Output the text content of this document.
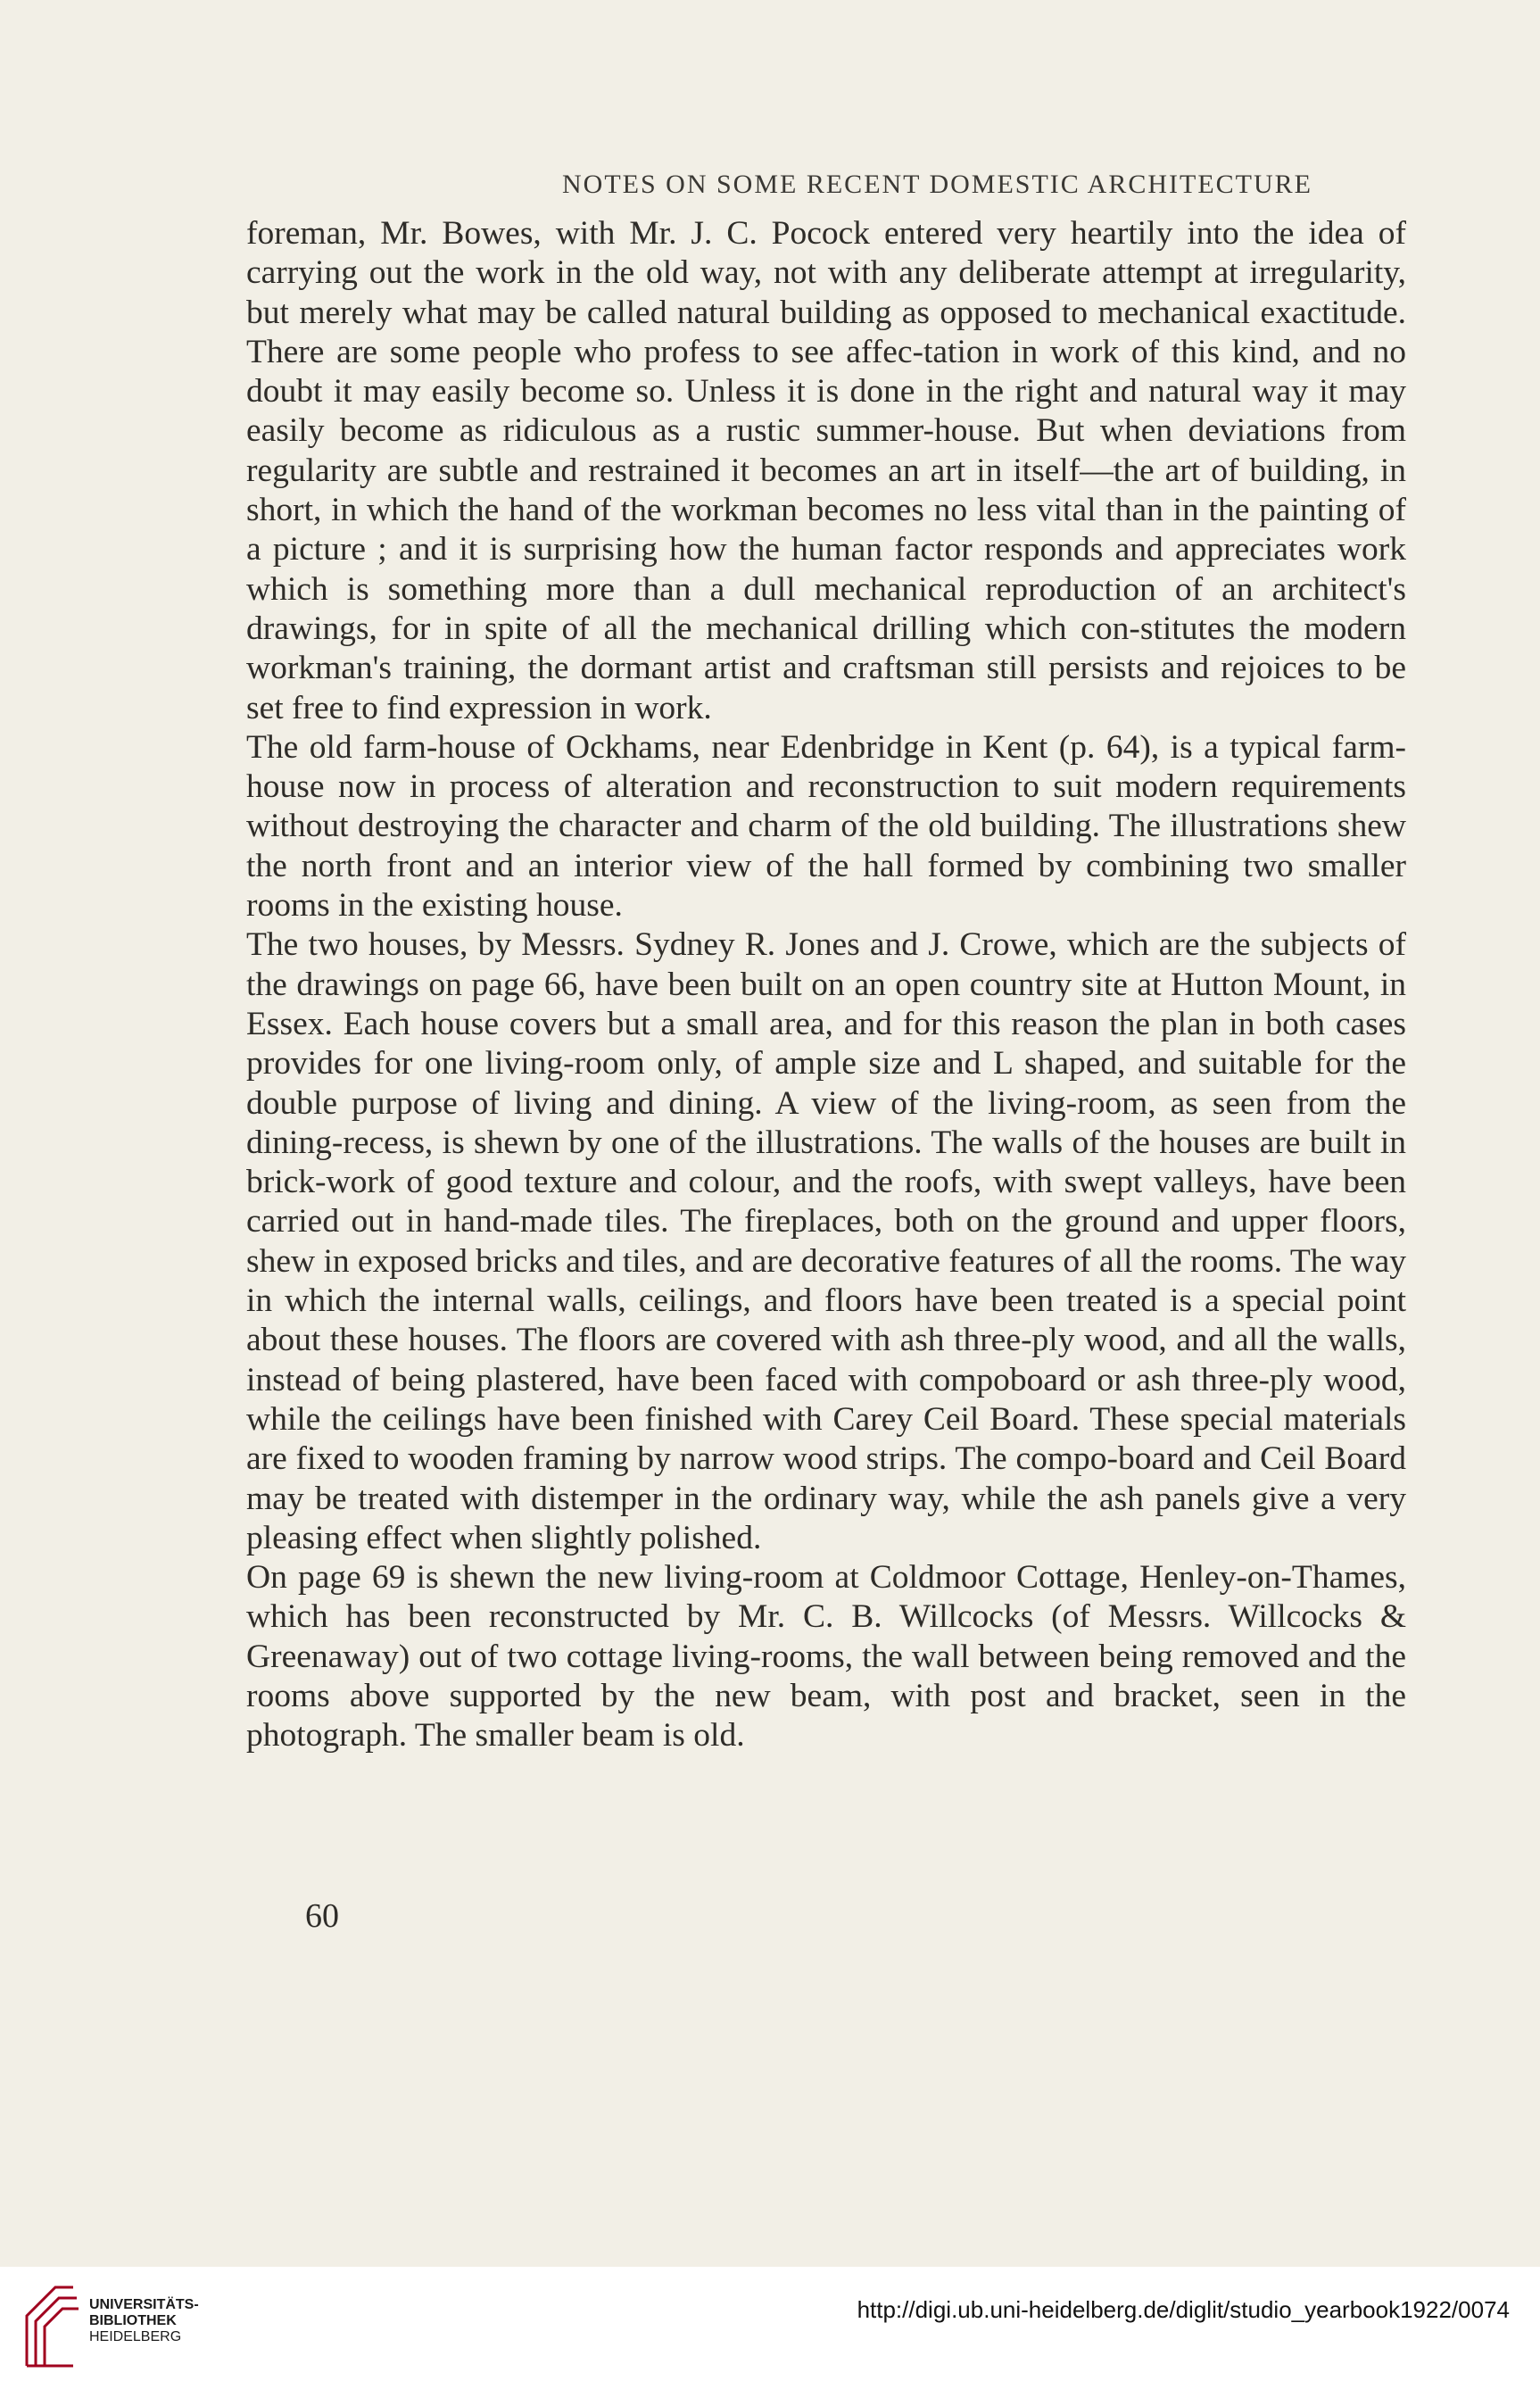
NOTES ON SOME RECENT DOMESTIC ARCHITECTURE

foreman, Mr. Bowes, with Mr. J. C. Pocock entered very heartily into the idea of carrying out the work in the old way, not with any deliberate attempt at irregularity, but merely what may be called natural building as opposed to mechanical exactitude. There are some people who profess to see affec-tation in work of this kind, and no doubt it may easily become so. Unless it is done in the right and natural way it may easily become as ridiculous as a rustic summer-house. But when deviations from regularity are subtle and restrained it becomes an art in itself—the art of building, in short, in which the hand of the workman becomes no less vital than in the painting of a picture ; and it is surprising how the human factor responds and appreciates work which is something more than a dull mechanical reproduction of an architect's drawings, for in spite of all the mechanical drilling which con-stitutes the modern workman's training, the dormant artist and craftsman still persists and rejoices to be set free to find expression in work.

The old farm-house of Ockhams, near Edenbridge in Kent (p. 64), is a typical farm-house now in process of alteration and reconstruction to suit modern requirements without destroying the character and charm of the old building. The illustrations shew the north front and an interior view of the hall formed by combining two smaller rooms in the existing house.

The two houses, by Messrs. Sydney R. Jones and J. Crowe, which are the subjects of the drawings on page 66, have been built on an open country site at Hutton Mount, in Essex. Each house covers but a small area, and for this reason the plan in both cases provides for one living-room only, of ample size and L shaped, and suitable for the double purpose of living and dining. A view of the living-room, as seen from the dining-recess, is shewn by one of the illustrations. The walls of the houses are built in brick-work of good texture and colour, and the roofs, with swept valleys, have been carried out in hand-made tiles. The fireplaces, both on the ground and upper floors, shew in exposed bricks and tiles, and are decorative features of all the rooms. The way in which the internal walls, ceilings, and floors have been treated is a special point about these houses. The floors are covered with ash three-ply wood, and all the walls, instead of being plastered, have been faced with compoboard or ash three-ply wood, while the ceilings have been finished with Carey Ceil Board. These special materials are fixed to wooden framing by narrow wood strips. The compo-board and Ceil Board may be treated with distemper in the ordinary way, while the ash panels give a very pleasing effect when slightly polished.

On page 69 is shewn the new living-room at Coldmoor Cottage, Henley-on-Thames, which has been reconstructed by Mr. C. B. Willcocks (of Messrs. Willcocks & Greenaway) out of two cottage living-rooms, the wall between being removed and the rooms above supported by the new beam, with post and bracket, seen in the photograph. The smaller beam is old.

60
UNIVERSITÄTS-
BIBLIOTHEK
HEIDELBERG
http://digi.ub.uni-heidelberg.de/diglit/studio_yearbook1922/0074
